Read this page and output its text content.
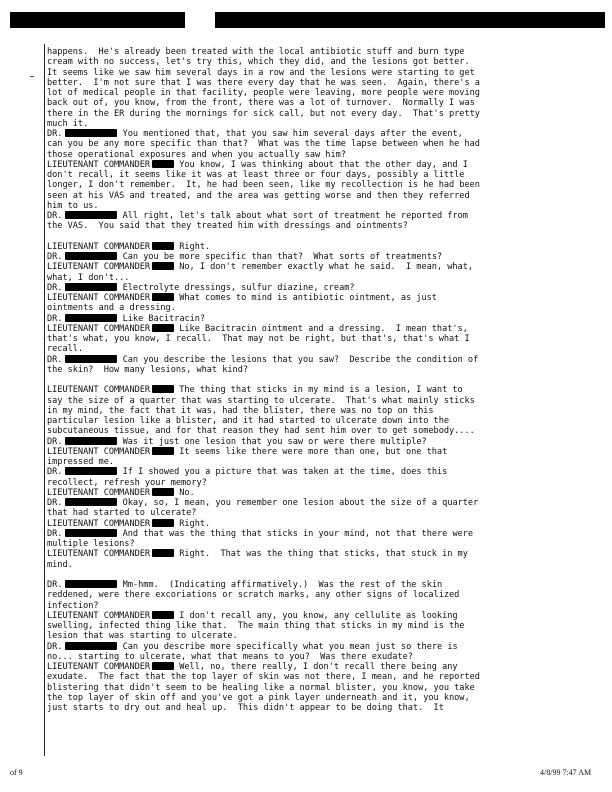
happens.  He's already been treated with the local antibiotic stuff and burn type
cream with no success, let's try this, which they did, and the lesions got better.
It seems like we saw him several days in a row and the lesions were starting to get
better.  I'm not sure that I was there every day that he was seen.  Again, there's a
lot of medical people in that facility, people were leaving, more people were moving
back out of, you know, from the front, there was a lot of turnover.  Normally I was
there in the ER during the mornings for sick call, but not every day.  That's pretty
much it.
DR.	You mentioned that, that you saw him several days after the event,
can you be any more specific than that?  What was the time lapse between when he had
those operational exposures and when you actually saw him?
LIEUTENANT COMMANDER	You know, I was thinking about that the other day, and I
don't recall, it seems like it was at least three or four days, possibly a little
longer, I don't remember.  It, he had been seen, like my recollection is he had been
seen at his VAS and treated, and the area was getting worse and then they referred
him to us.
DR.	All right, let's talk about what sort of treatment he reported from
the VAS.  You said that they treated him with dressings and ointments?
LIEUTENANT COMMANDER	Right.
DR.	Can you be more specific than that?  What sorts of treatments?
LIEUTENANT COMMANDER	No, I don't remember exactly what he said.  I mean, what,
what, I don't...
DR.	Electrolyte dressings, sulfur diazine, cream?
LIEUTENANT COMMANDER	What comes to mind is antibiotic ointment, as just
ointments and a dressing.
DR.	Like Bacitracin?
LIEUTENANT COMMANDER	Like Bacitracin ointment and a dressing.  I mean that's,
that's what, you know, I recall.  That may not be right, but that's, that's what I
recall.
DR.	Can you describe the lesions that you saw?  Describe the condition of
the skin?  How many lesions, what kind?
LIEUTENANT COMMANDER	The thing that sticks in my mind is a lesion, I want to
say the size of a quarter that was starting to ulcerate.  That's what mainly sticks
in my mind, the fact that it was, had the blister, there was no top on this
particular lesion like a blister, and it had started to ulcerate down into the
subcutaneous tissue, and for that reason they had sent him over to get somebody....
DR.	Was it just one lesion that you saw or were there multiple?
LIEUTENANT COMMANDER	It seems like there were more than one, but one that
impressed me.
DR.	If I showed you a picture that was taken at the time, does this
recollect, refresh your memory?
LIEUTENANT COMMANDER	No.
DR.	Okay, so, I mean, you remember one lesion about the size of a quarter
that had started to ulcerate?
LIEUTENANT COMMANDER	Right.
DR.	And that was the thing that sticks in your mind, not that there were
multiple lesions?
LIEUTENANT COMMANDER	Right.  That was the thing that sticks, that stuck in my
mind.
DR.	Mm-hmm.  (Indicating affirmatively.)  Was the rest of the skin
reddened, were there excoriations or scratch marks, any other signs of localized
infection?
LIEUTENANT COMMANDER	I don't recall any, you know, any cellulite as looking
swelling, infected thing like that.  The main thing that sticks in my mind is the
lesion that was starting to ulcerate.
DR.	Can you describe more specifically what you mean just so there is
no... starting to ulcerate, what that means to you?  Was there exudate?
LIEUTENANT COMMANDER	Well, no, there really, I don't recall there being any
exudate.  The fact that the top layer of skin was not there, I mean, and he reported
blistering that didn't seem to be healing like a normal blister, you know, you take
the top layer of skin off and you've got a pink layer underneath and it, you know,
just starts to dry out and heal up.  This didn't appear to be doing that.  It
of 9	4/8/99 7:47 AM
